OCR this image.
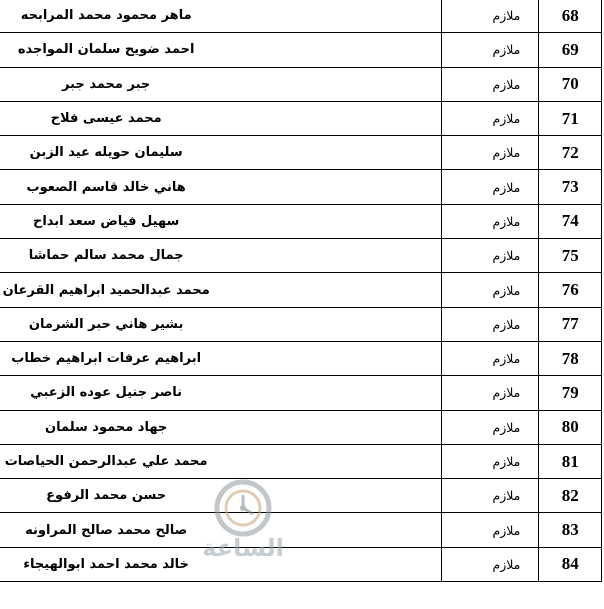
68	ملازم	ماهر محمود محمد المرابحه
69	ملازم	احمد ضويح سلمان المواجده
70	ملازم	جبر محمد جبر
71	ملازم	محمد عيسى فلاح
72	ملازم	سليمان حويله عيد الزبن
73	ملازم	هاني خالد قاسم الصعوب
74	ملازم	سهيل فياض سعد ابداح
75	ملازم	جمال محمد سالم حماشا
76	ملازم	محمد عبدالحميد ابراهيم القرعان
77	ملازم	بشير هاني حبر الشرمان
78	ملازم	ابراهيم عرفات ابراهيم خطاب
79	ملازم	ناصر جنيل عوده الزعبي
80	ملازم	جهاد محمود سلمان
81	ملازم	محمد علي عبدالرحمن الحياصات
82	ملازم	حسن محمد الرفوع
83	ملازم	صالح محمد صالح المراونه
84	ملازم	خالد محمد احمد ابوالهيجاء
الساعة
